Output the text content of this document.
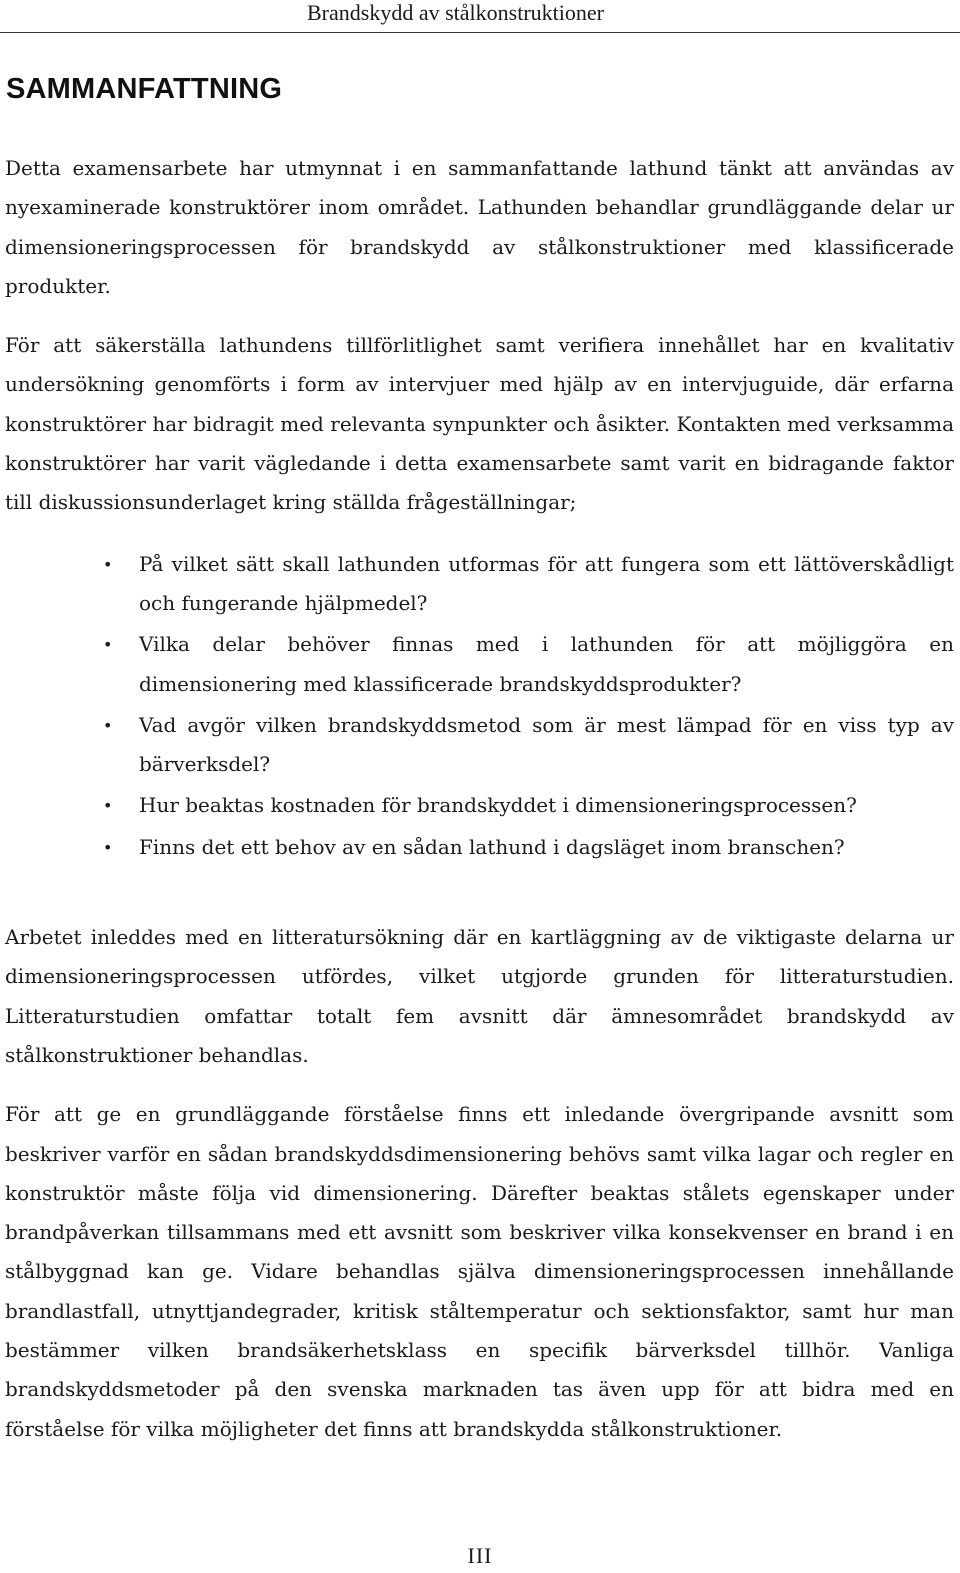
Brandskydd av stålkonstruktioner
SAMMANFATTNING

Detta examensarbete har utmynnat i en sammanfattande lathund tänkt att användas av nyexaminerade konstruktörer inom området. Lathunden behandlar grundläggande delar ur dimensioneringsprocessen för brandskydd av stålkonstruktioner med klassificerade produkter.

För att säkerställa lathundens tillförlitlighet samt verifiera innehållet har en kvalitativ undersökning genomförts i form av intervjuer med hjälp av en intervjuguide, där erfarna konstruktörer har bidragit med relevanta synpunkter och åsikter. Kontakten med verksamma konstruktörer har varit vägledande i detta examensarbete samt varit en bidragande faktor till diskussionsunderlaget kring ställda frågeställningar;

• På vilket sätt skall lathunden utformas för att fungera som ett lättöverskådligt och fungerande hjälpmedel?
• Vilka delar behöver finnas med i lathunden för att möjliggöra en dimensionering med klassificerade brandskyddsprodukter?
• Vad avgör vilken brandskyddsmetod som är mest lämpad för en viss typ av bärverksdel?
• Hur beaktas kostnaden för brandskyddet i dimensioneringsprocessen?
• Finns det ett behov av en sådan lathund i dagsläget inom branschen?

Arbetet inleddes med en litteratursökning där en kartläggning av de viktigaste delarna ur dimensioneringsprocessen utfördes, vilket utgjorde grunden för litteraturstudien. Litteraturstudien omfattar totalt fem avsnitt där ämnesområdet brandskydd av stålkonstruktioner behandlas.

För att ge en grundläggande förståelse finns ett inledande övergripande avsnitt som beskriver varför en sådan brandskyddsdimensionering behövs samt vilka lagar och regler en konstruktör måste följa vid dimensionering. Därefter beaktas stålets egenskaper under brandpåverkan tillsammans med ett avsnitt som beskriver vilka konsekvenser en brand i en stålbyggnad kan ge. Vidare behandlas själva dimensioneringsprocessen innehållande brandlastfall, utnyttjandegrader, kritisk ståltemperatur och sektionsfaktor, samt hur man bestämmer vilken brandsäkerhetsklass en specifik bärverksdel tillhör. Vanliga brandskyddsmetoder på den svenska marknaden tas även upp för att bidra med en förståelse för vilka möjligheter det finns att brandskydda stålkonstruktioner.

III
